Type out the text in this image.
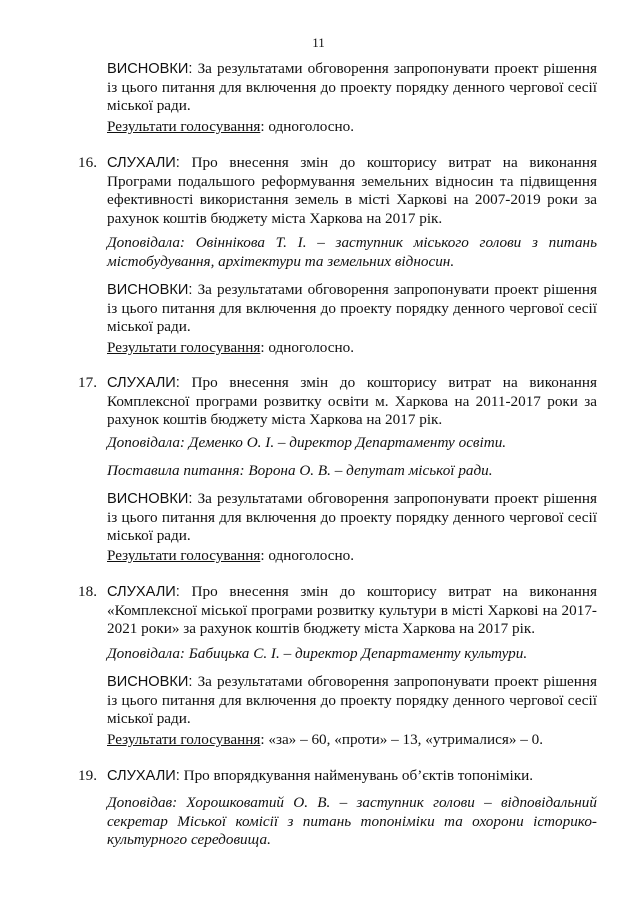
11
ВИСНОВКИ: За результатами обговорення запропонувати проект рішення із цього питання для включення до проекту порядку денного чергової сесії міської ради.
Результати голосування: одноголосно.
16. СЛУХАЛИ: Про внесення змін до кошторису витрат на виконання Програми подальшого реформування земельних відносин та підвищення ефективності використання земель в місті Харкові на 2007-2019 роки за рахунок коштів бюджету міста Харкова на 2017 рік.
Доповідала: Овіннікова Т. І. – заступник міського голови з питань містобудування, архітектури та земельних відносин.
ВИСНОВКИ: За результатами обговорення запропонувати проект рішення із цього питання для включення до проекту порядку денного чергової сесії міської ради.
Результати голосування: одноголосно.
17. СЛУХАЛИ: Про внесення змін до кошторису витрат на виконання Комплексної програми розвитку освіти м. Харкова на 2011-2017 роки за рахунок коштів бюджету міста Харкова на 2017 рік.
Доповідала: Деменко О. І. – директор Департаменту освіти.
Поставила питання: Ворона О. В. – депутат міської ради.
ВИСНОВКИ: За результатами обговорення запропонувати проект рішення із цього питання для включення до проекту порядку денного чергової сесії міської ради.
Результати голосування: одноголосно.
18. СЛУХАЛИ: Про внесення змін до кошторису витрат на виконання «Комплексної міської програми розвитку культури в місті Харкові на 2017-2021 роки» за рахунок коштів бюджету міста Харкова на 2017 рік.
Доповідала: Бабицька С. І. – директор Департаменту культури.
ВИСНОВКИ: За результатами обговорення запропонувати проект рішення із цього питання для включення до проекту порядку денного чергової сесії міської ради.
Результати голосування: «за» – 60, «проти» – 13, «утрималися» – 0.
19. СЛУХАЛИ: Про впорядкування найменувань об’єктів топоніміки.
Доповідав: Хорошковатий О. В. – заступник голови – відповідальний секретар Міської комісії з питань топоніміки та охорони історико-культурного середовища.
